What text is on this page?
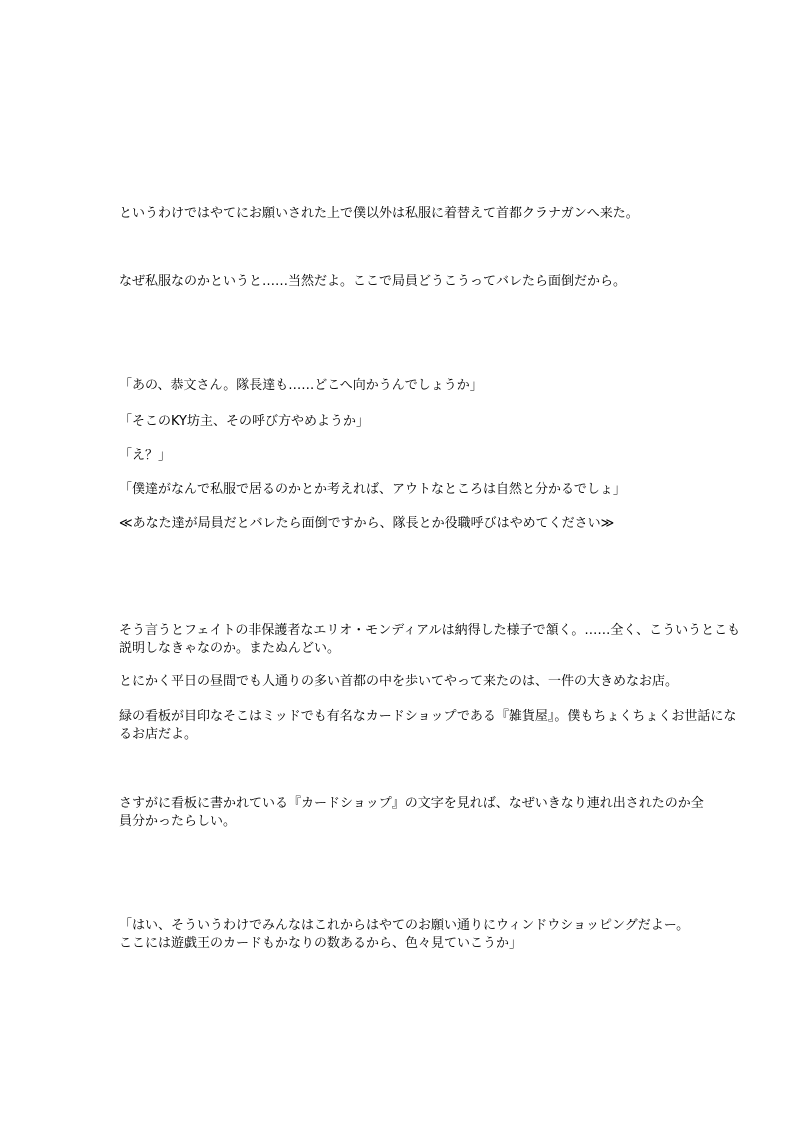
というわけではやてにお願いされた上で僕以外は私服に着替えて首都クラナガンへ来た。

なぜ私服なのかというと……当然だよ。ここで局員どうこうってバレたら面倒だから。

「あの、恭文さん。隊長達も……どこへ向かうんでしょうか」

「そこのKY坊主、その呼び方やめようか」

「え？」

「僕達がなんで私服で居るのかとか考えれば、アウトなところは自然と分かるでしょ」

≪あなた達が局員だとバレたら面倒ですから、隊長とか役職呼びはやめてください≫

そう言うとフェイトの非保護者なエリオ・モンディアルは納得した様子で頷く。……全く、こういうとこも

説明しなきゃなのか。またぬんどい。

とにかく平日の昼間でも人通りの多い首都の中を歩いてやって来たのは、一件の大きめなお店。

緑の看板が目印なそこはミッドでも有名なカードショップである『雑貨屋』。僕もちょくちょくお世話にな

るお店だよ。

さすがに看板に書かれている『カードショップ』の文字を見れば、なぜいきなり連れ出されたのか全

員分かったらしい。

「はい、そういうわけでみんなはこれからはやてのお願い通りにウィンドウショッピングだよー。

ここには遊戯王のカードもかなりの数あるから、色々見ていこうか」
